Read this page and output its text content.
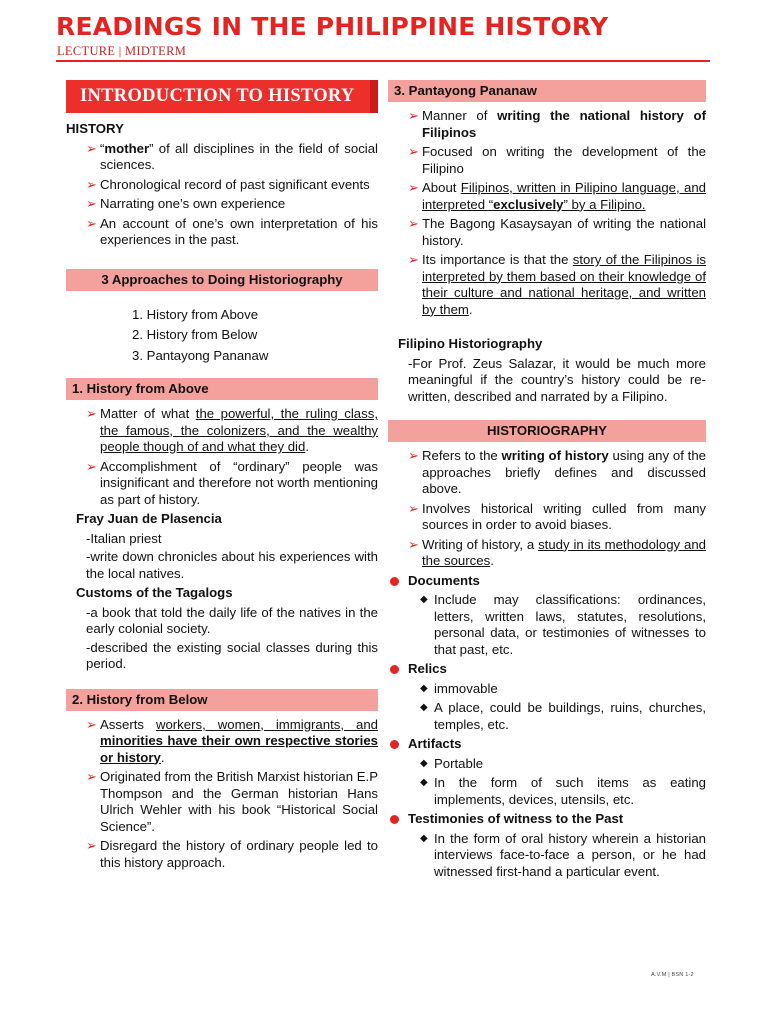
READINGS IN THE PHILIPPINE HISTORY
LECTURE | MIDTERM
INTRODUCTION TO HISTORY
HISTORY
➢ “mother” of all disciplines in the field of social sciences.
➢ Chronological record of past significant events
➢ Narrating one’s own experience
➢ An account of one’s own interpretation of his experiences in the past.
3 Approaches to Doing Historiography
1. History from Above
2. History from Below
3. Pantayong Pananaw
1. History from Above
➢ Matter of what the powerful, the ruling class, the famous, the colonizers, and the wealthy people though of and what they did.
➢ Accomplishment of “ordinary” people was insignificant and therefore not worth mentioning as part of history.
Fray Juan de Plasencia

-Italian priest

-write down chronicles about his experiences with the local natives.

Customs of the Tagalogs

-a book that told the daily life of the natives in the early colonial society.

-described the existing social classes during this period.

2. History from Below
➢ Asserts workers, women, immigrants, and minorities have their own respective stories or history.
➢ Originated from the British Marxist historian E.P Thompson and the German historian Hans Ulrich Wehler with his book “Historical Social Science”.
➢ Disregard the history of ordinary people led to this history approach.
3. Pantayong Pananaw
➢ Manner of writing the national history of Filipinos
➢ Focused on writing the development of the Filipino
➢ About Filipinos, written in Pilipino language, and interpreted “exclusively” by a Filipino.
➢ The Bagong Kasaysayan of writing the national history.
➢ Its importance is that the story of the Filipinos is interpreted by them based on their knowledge of their culture and national heritage, and written by them.
Filipino Historiography
-For Prof. Zeus Salazar, it would be much more meaningful if the country’s history could be re-written, described and narrated by a Filipino.
HISTORIOGRAPHY
➢ Refers to the writing of history using any of the approaches briefly defines and discussed above.
➢ Involves historical writing culled from many sources in order to avoid biases.
➢ Writing of history, a study in its methodology and the sources.
Documents
◆ Include may classifications: ordinances, letters, written laws, statutes, resolutions, personal data, or testimonies of witnesses to that past, etc.
Relics
◆ immovable
◆ A place, could be buildings, ruins, churches, temples, etc.
Artifacts
◆ Portable
◆ In the form of such items as eating implements, devices, utensils, etc.
Testimonies of witness to the Past
◆ In the form of oral history wherein a historian interviews face-to-face a person, or he had witnessed first-hand a particular event.
A.V.M | BSN 1-2
